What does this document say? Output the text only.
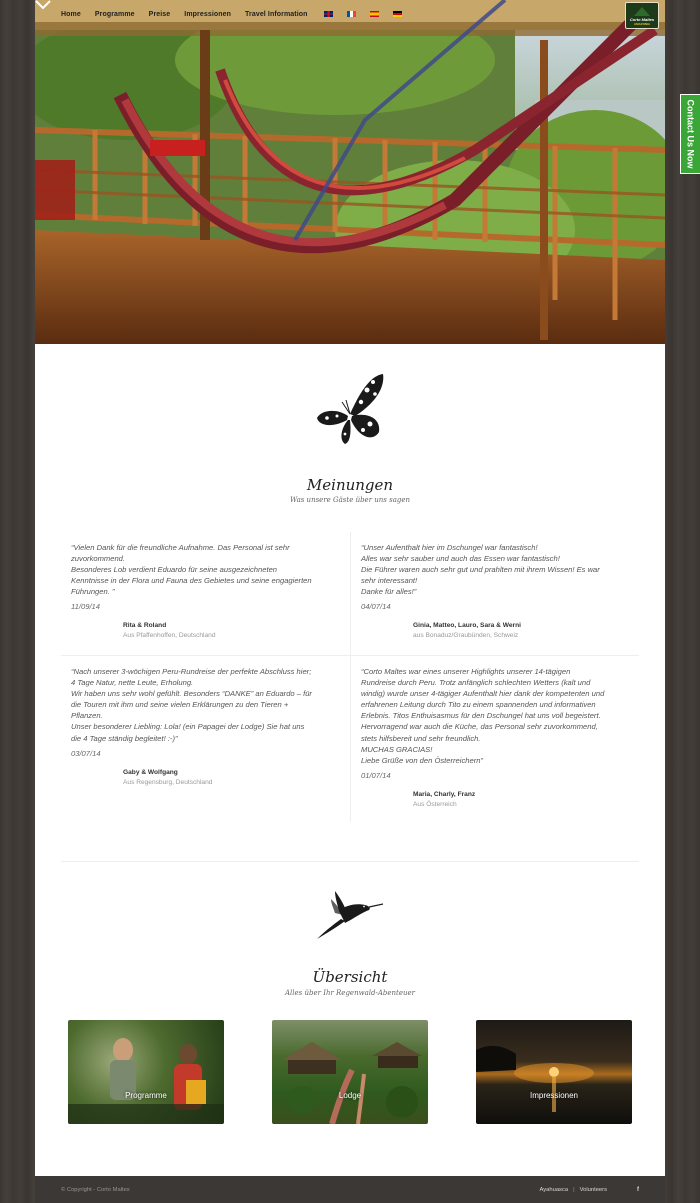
Contact Us Now
Home Programme Preise Impressionen Travel Information
Corto Maltes
AMAZONIA
Meinungen
Was unsere Gäste über uns sagen
“Vielen Dank für die freundliche Aufnahme. Das Personal ist sehr
zuvorkommend.
Besonderes Lob verdient Eduardo für seine ausgezeichneten
Kenntnisse in der Flora und Fauna des Gebietes und seine engagierten
Führungen. ”
11/09/14
Rita & Roland
Aus Pfaffenhoffen, Deutschland
“Unser Aufenthalt hier im Dschungel war fantastisch!
Alles war sehr sauber und auch das Essen war fantastisch!
Die Führer waren auch sehr gut und prahlten mit ihrem Wissen! Es war
sehr interessant!
Danke für alles!”
04/07/14
Ginia, Matteo, Lauro, Sara & Werni
aus Bonaduz/Graubünden, Schweiz
“Nach unserer 3-wöchigen Peru-Rundreise der perfekte Abschluss hier;
4 Tage Natur, nette Leute, Erholung.
Wir haben uns sehr wohl gefühlt. Besonders “DANKE” an Eduardo – für
die Touren mit ihm und seine vielen Erklärungen zu den Tieren +
Pflanzen.
Unser besonderer Liebling: Lola! (ein Papagei der Lodge) Sie hat uns
die 4 Tage ständig begleitet! :-)”
03/07/14
Gaby & Wolfgang
Aus Regensburg, Deutschland
“Corto Maltes war eines unserer Highlights unserer 14-tägigen
Rundreise durch Peru. Trotz anfänglich schlechten Wetters (kalt und
windig) wurde unser 4-tägiger Aufenthalt hier dank der kompetenten und
erfahrenen Leitung durch Tito zu einem spannenden und informativen
Erlebnis. Titos Enthuisasmus für den Dschungel hat uns voll begeistert.
Hervorragend war auch die Küche, das Personal sehr zuvorkommend,
stets hilfsbereit und sehr freundlich.
MUCHAS GRACIAS!
Liebe Grüße von den Österreichern”
01/07/14
Maria, Charly, Franz
Aus Österreich
Übersicht
Alles über Ihr Regenwald-Abenteuer
Programme	Lodge	Impressionen
© Copyright - Corto Maltes	Ayahuasca | Volunteers	f
